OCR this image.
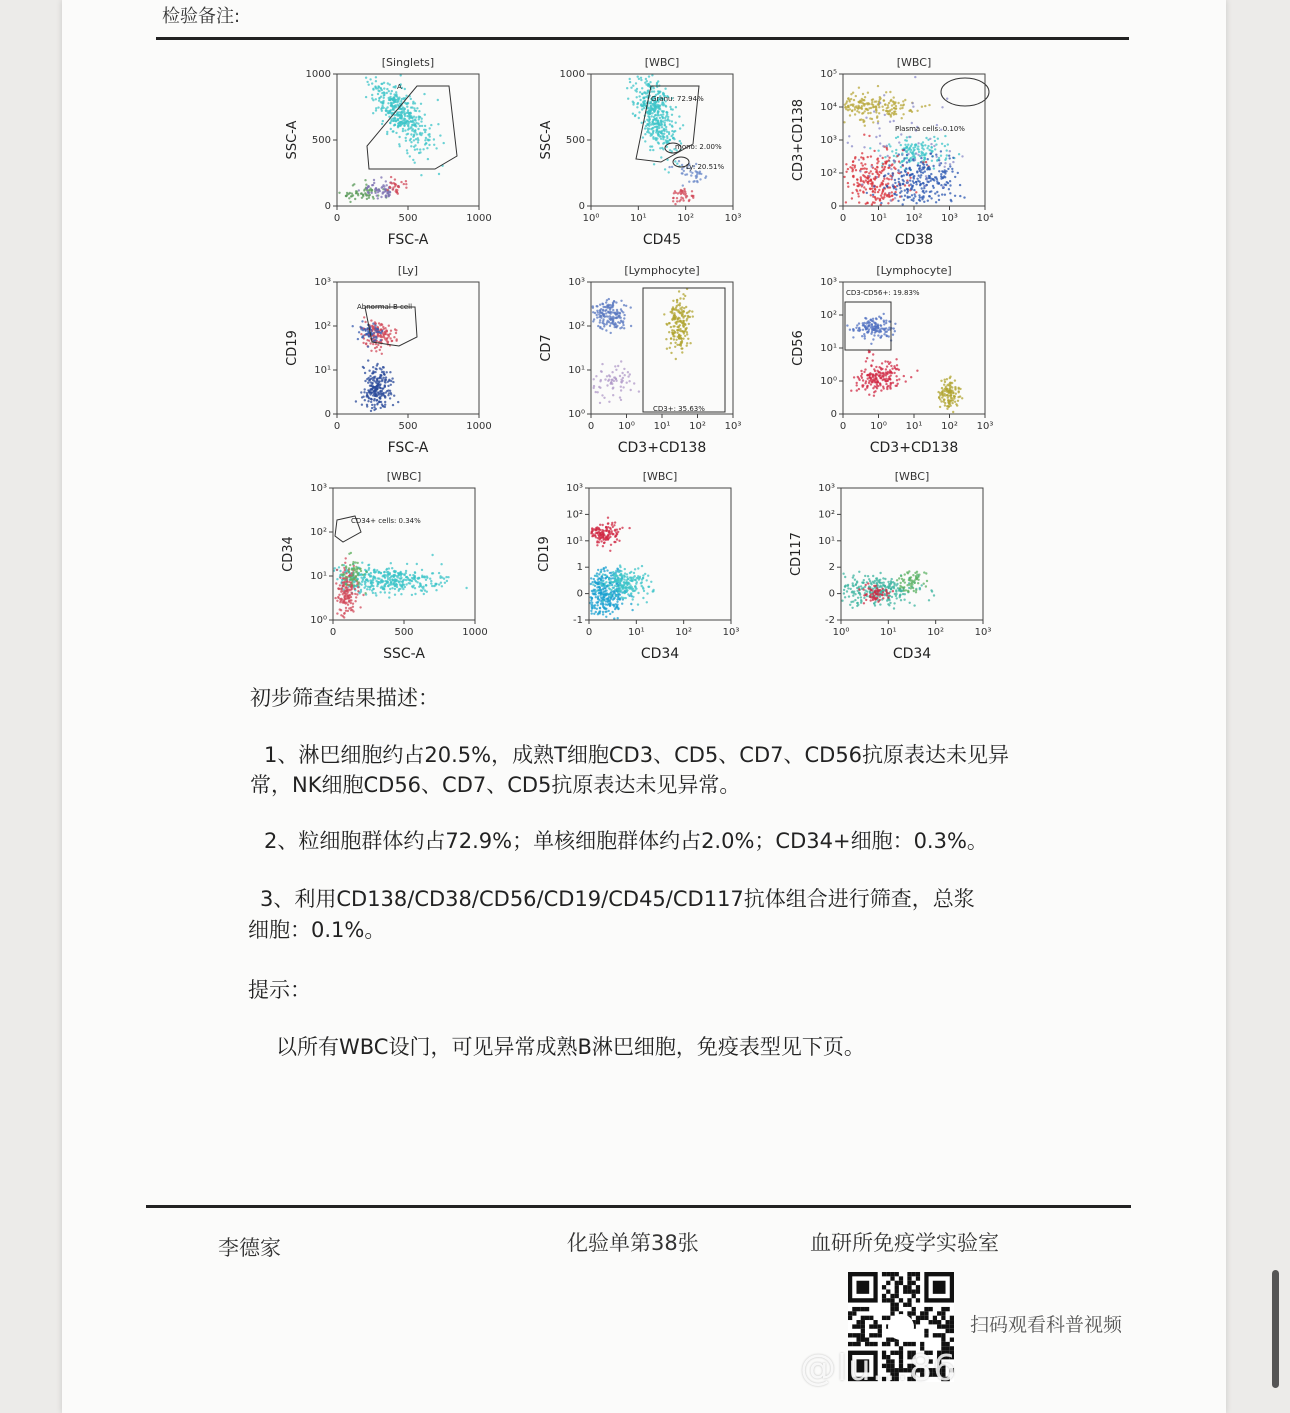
检验备注:
A
[Singlets]
0	500	1000
1000
500
0
FSC-A
SSC-A
Granu: 72.94%
mono: 2.00%
Ly: 20.51%
[WBC]
10⁰	10¹	10²	10³
1000
500
0
CD45
SSC-A	Plasma cells: 0.10%
[WBC]
0 10¹ 10² 10³ 10⁴
10⁵
10⁴
10³
10²
0
CD38
CD3+CD138
Abnormal B cell
[Ly]
0	500	1000
10³
10²
10¹
0
FSC-A
CD19
CD3+: 35.63%
[Lymphocyte]
0 10⁰ 10¹ 10² 10³
10³
10²
10¹
10⁰
CD3+CD138
CD7
CD3-CD56+: 19.83%
[Lymphocyte]
0 10⁰ 10¹ 10² 10³
10³
10²
10¹
10⁰
0
CD3+CD138
CD56
CD34+ cells: 0.34%
[WBC]
0	500	1000
10³
10²
10¹
10⁰
SSC-A
CD34
[WBC]
0	10¹	10²	10³
10³
10²
10¹
1
0
-1
CD34
CD19
[WBC]
10⁰	10¹	10²	10³
10³
10²
10¹
2
0
-2
CD34
CD117
初步筛查结果描述：
1、淋巴细胞约占20.5%，成熟T细胞CD3、CD5、CD7、CD56抗原表达未见异
常，NK细胞CD56、CD7、CD5抗原表达未见异常。
2、粒细胞群体约占72.9%；单核细胞群体约占2.0%；CD34+细胞：0.3%。
3、利用CD138/CD38/CD56/CD19/CD45/CD117抗体组合进行筛查，总浆
细胞：0.1%。
提示：
以所有WBC设门，可见异常成熟B淋巴细胞，免疫表型见下页。
李德家	化验单第38张	血研所免疫学实验室
扫码观看科普视频
@lu...86
